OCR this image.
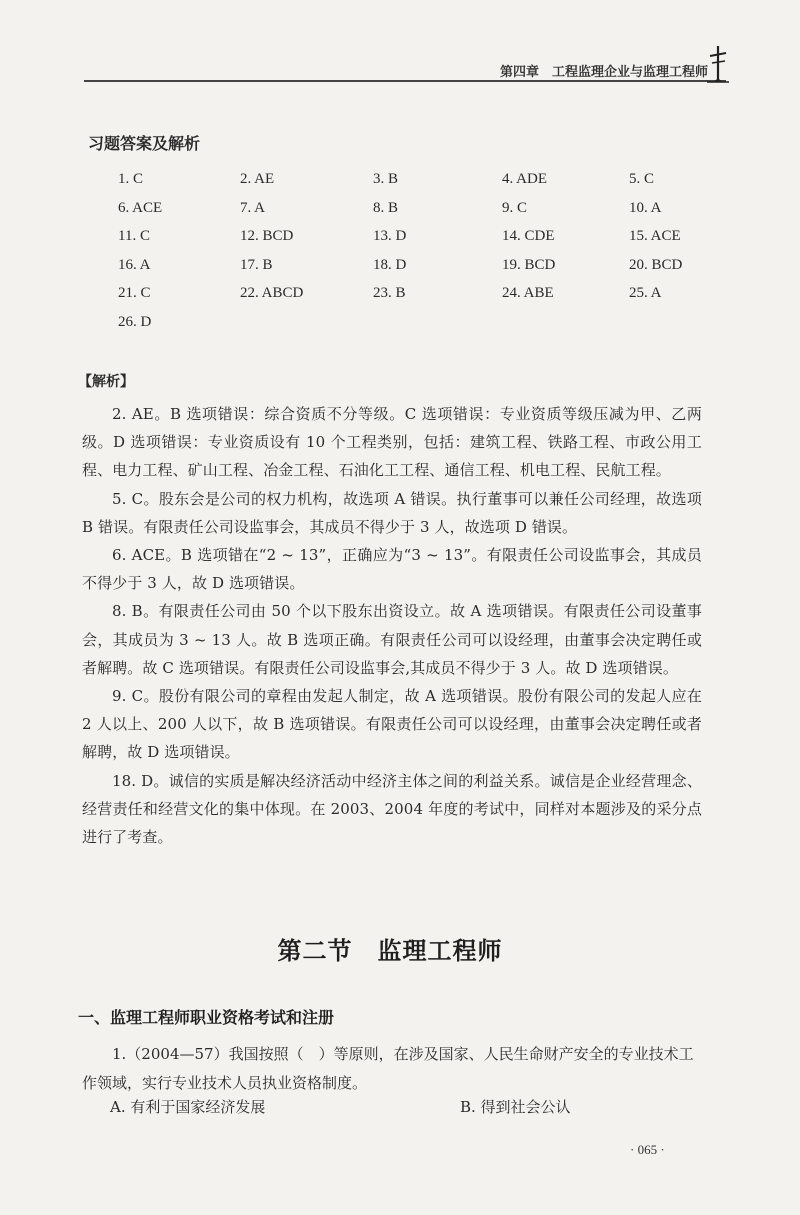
第四章　工程监理企业与监理工程师
习题答案及解析
1. C	2. AE	3. B	4. ADE	5. C
6. ACE	7. A	8. B	9. C	10. A
11. C	12. BCD	13. D	14. CDE	15. ACE
16. A	17. B	18. D	19. BCD	20. BCD
21. C	22. ABCD	23. B	24. ABE	25. A
26. D
【解析】

2. AE。B 选项错误：综合资质不分等级。C 选项错误：专业资质等级压减为甲、乙两级。D 选项错误：专业资质设有 10 个工程类别，包括：建筑工程、铁路工程、市政公用工程、电力工程、矿山工程、冶金工程、石油化工工程、通信工程、机电工程、民航工程。

5. C。股东会是公司的权力机构，故选项 A 错误。执行董事可以兼任公司经理，故选项 B 错误。有限责任公司设监事会，其成员不得少于 3 人，故选项 D 错误。

6. ACE。B 选项错在“2 ~ 13”，正确应为“3 ~ 13”。有限责任公司设监事会，其成员不得少于 3 人，故 D 选项错误。

8. B。有限责任公司由 50 个以下股东出资设立。故 A 选项错误。有限责任公司设董事会，其成员为 3 ~ 13 人。故 B 选项正确。有限责任公司可以设经理，由董事会决定聘任或者解聘。故 C 选项错误。有限责任公司设监事会,其成员不得少于 3 人。故 D 选项错误。

9. C。股份有限公司的章程由发起人制定，故 A 选项错误。股份有限公司的发起人应在 2 人以上、200 人以下，故 B 选项错误。有限责任公司可以设经理，由董事会决定聘任或者解聘，故 D 选项错误。

18. D。诚信的实质是解决经济活动中经济主体之间的利益关系。诚信是企业经营理念、经营责任和经营文化的集中体现。在 2003、2004 年度的考试中，同样对本题涉及的采分点进行了考查。

第二节　监理工程师
一、监理工程师职业资格考试和注册

1.（2004—57）我国按照（　）等原则，在涉及国家、人民生命财产安全的专业技术工作领域，实行专业技术人员执业资格制度。

A. 有利于国家经济发展	B. 得到社会公认
· 065 ·
